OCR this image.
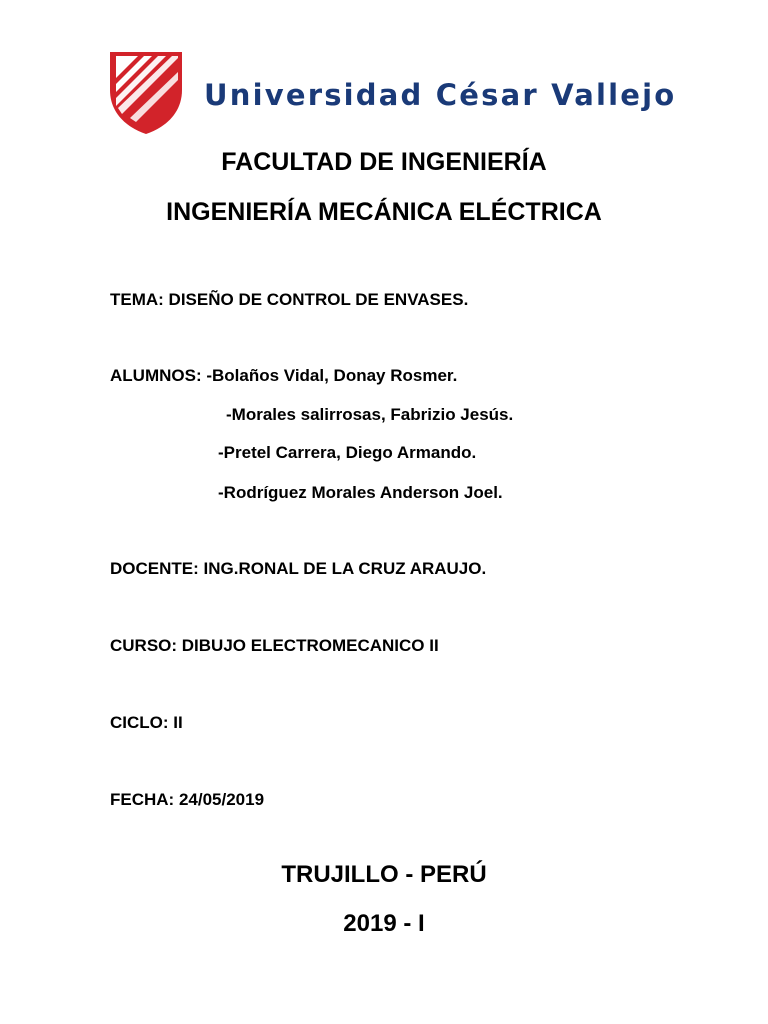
Universidad César Vallejo
FACULTAD DE INGENIERÍA
INGENIERÍA MECÁNICA ELÉCTRICA
TEMA: DISEÑO DE CONTROL DE ENVASES.
ALUMNOS: -Bolaños Vidal, Donay Rosmer.
-Morales salirrosas, Fabrizio Jesús.
-Pretel Carrera, Diego Armando.
-Rodríguez Morales Anderson Joel.
DOCENTE: ING.RONAL DE LA CRUZ ARAUJO.
CURSO: DIBUJO ELECTROMECANICO II
CICLO: II
FECHA: 24/05/2019
TRUJILLO - PERÚ
2019 - I
